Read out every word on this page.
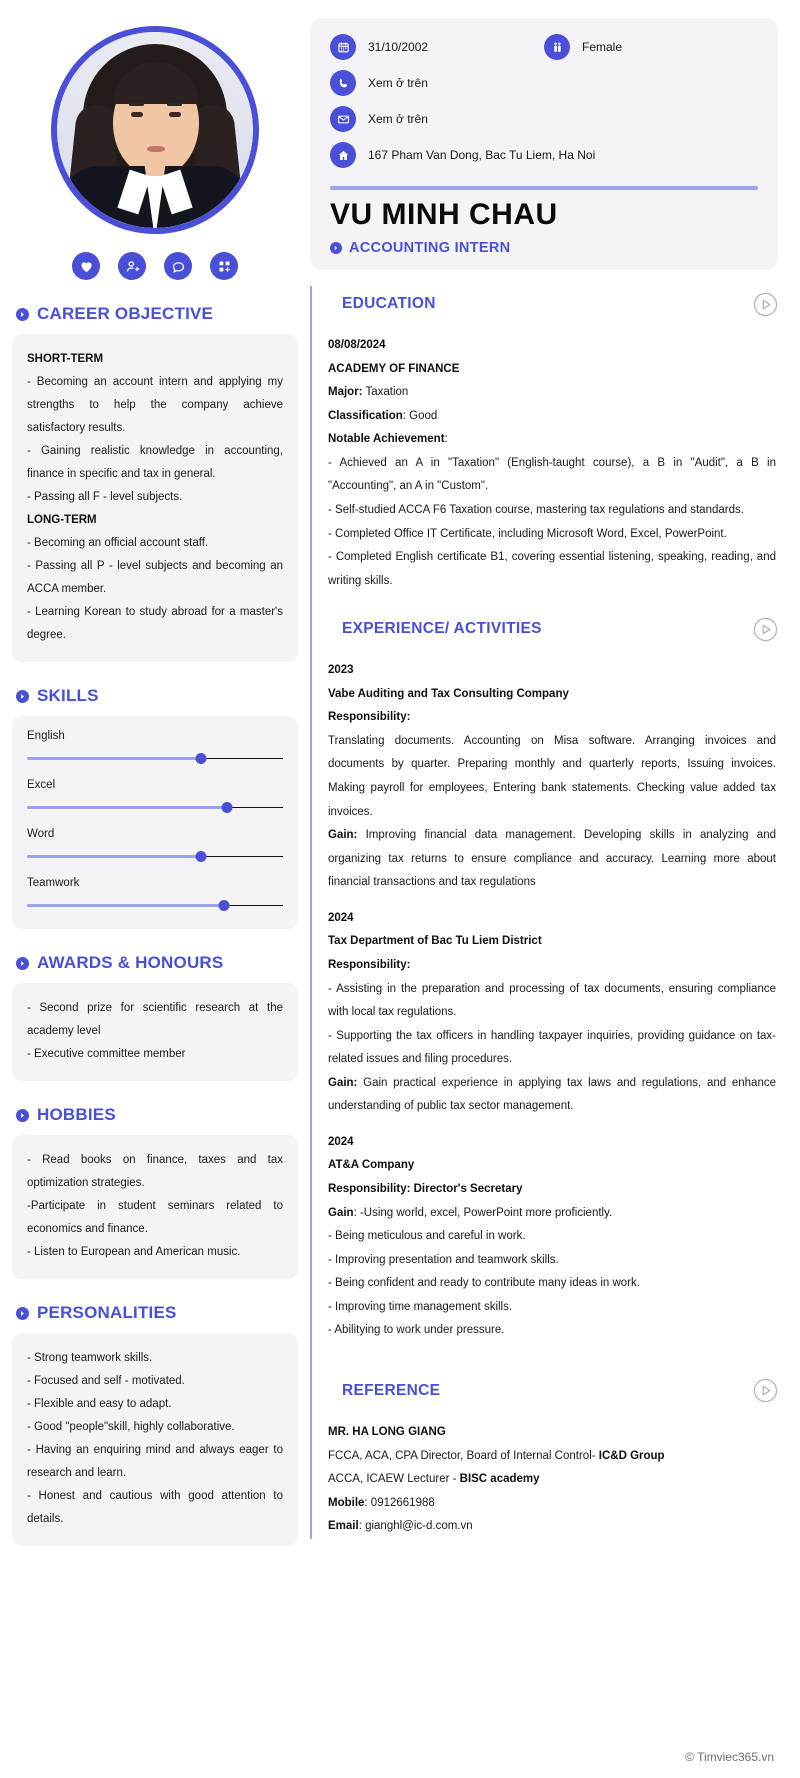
CAREER OBJECTIVE
SHORT-TERM

- Becoming an account intern and applying my strengths to help the company achieve satisfactory results.

- Gaining realistic knowledge in accounting, finance in specific and tax in general.

- Passing all F - level subjects.

LONG-TERM

- Becoming an official account staff.

- Passing all P - level subjects and becoming an ACCA member.

- Learning Korean to study abroad for a master's degree.

SKILLS
English
Excel
Word
Teamwork
AWARDS & HONOURS

- Second prize for scientific research at the academy level

- Executive committee member

HOBBIES

- Read books on finance, taxes and tax optimization strategies.

-Participate in student seminars related to economics and finance.

- Listen to European and American music.

PERSONALITIES

- Strong teamwork skills.

- Focused and self - motivated.

- Flexible and easy to adapt.

- Good "people"skill, highly collaborative.

- Having an enquiring mind and always eager to research and learn.

- Honest and cautious with good attention to details.

31/10/2002	Female
Xem ở trên
Xem ở trên
167 Pham Van Dong, Bac Tu Liem, Ha Noi
VU MINH CHAU
ACCOUNTING INTERN
EDUCATION
08/08/2024
ACADEMY OF FINANCE

Major: Taxation

Classification: Good

Notable Achievement:

- Achieved an A in "Taxation" (English-taught course), a B in "Audit", a B in "Accounting", an A in "Custom".

- Self-studied ACCA F6 Taxation course, mastering tax regulations and standards.

- Completed Office IT Certificate, including Microsoft Word, Excel, PowerPoint.

- Completed English certificate B1, covering essential listening, speaking, reading, and writing skills.

EXPERIENCE/ ACTIVITIES
2023
Vabe Auditing and Tax Consulting Company
Responsibility:

Translating documents. Accounting on Misa software. Arranging invoices and documents by quarter. Preparing monthly and quarterly reports, Issuing invoices. Making payroll for employees, Entering bank statements. Checking value added tax invoices.

Gain: Improving financial data management. Developing skills in analyzing and organizing tax returns to ensure compliance and accuracy. Learning more about financial transactions and tax regulations

2024
Tax Department of Bac Tu Liem District
Responsibility:

- Assisting in the preparation and processing of tax documents, ensuring compliance with local tax regulations.

- Supporting the tax officers in handling taxpayer inquiries, providing guidance on tax-related issues and filing procedures.

Gain: Gain practical experience in applying tax laws and regulations, and enhance understanding of public tax sector management.

2024
AT&A Company
Responsibility: Director's Secretary

Gain: -Using world, excel, PowerPoint more proficiently.

- Being meticulous and careful in work.

- Improving presentation and teamwork skills.

- Being confident and ready to contribute many ideas in work.

- Improving time management skills.

- Abilitying to work under pressure.

REFERENCE
MR. HA LONG GIANG

FCCA, ACA, CPA Director, Board of Internal Control- IC&D Group

ACCA, ICAEW Lecturer - BISC academy

Mobile: 0912661988

Email: gianghl@ic-d.com.vn

© Timviec365.vn
